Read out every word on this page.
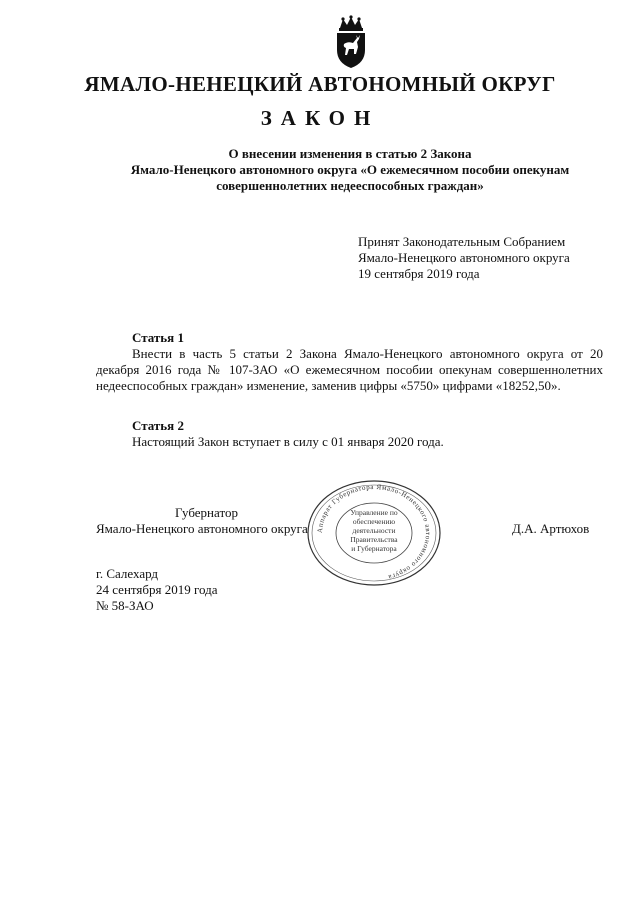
ЯМАЛО-НЕНЕЦКИЙ АВТОНОМНЫЙ ОКРУГ
ЗАКОН
О внесении изменения в статью 2 Закона
Ямало-Ненецкого автономного округа «О ежемесячном пособии опекунам
совершеннолетних недееспособных граждан»
Принят Законодательным Собранием
Ямало-Ненецкого автономного округа
19 сентября 2019 года
Статья 1
Внести в часть 5 статьи 2 Закона Ямало-Ненецкого автономного округа от 20 декабря 2016 года № 107-ЗАО «О ежемесячном пособии опекунам совершеннолетних недееспособных граждан» изменение, заменив цифры «5750» цифрами «18252,50».
Статья 2
Настоящий Закон вступает в силу с 01 января 2020 года.
Губернатор
Ямало-Ненецкого автономного округа	Д.А. Артюхов
Аппарат Губернатора Ямало-Ненецкого автономного округа
Управление по
обеспечению
деятельности
Правительства
и Губернатора
г. Салехард
24 сентября 2019 года
№ 58-ЗАО
